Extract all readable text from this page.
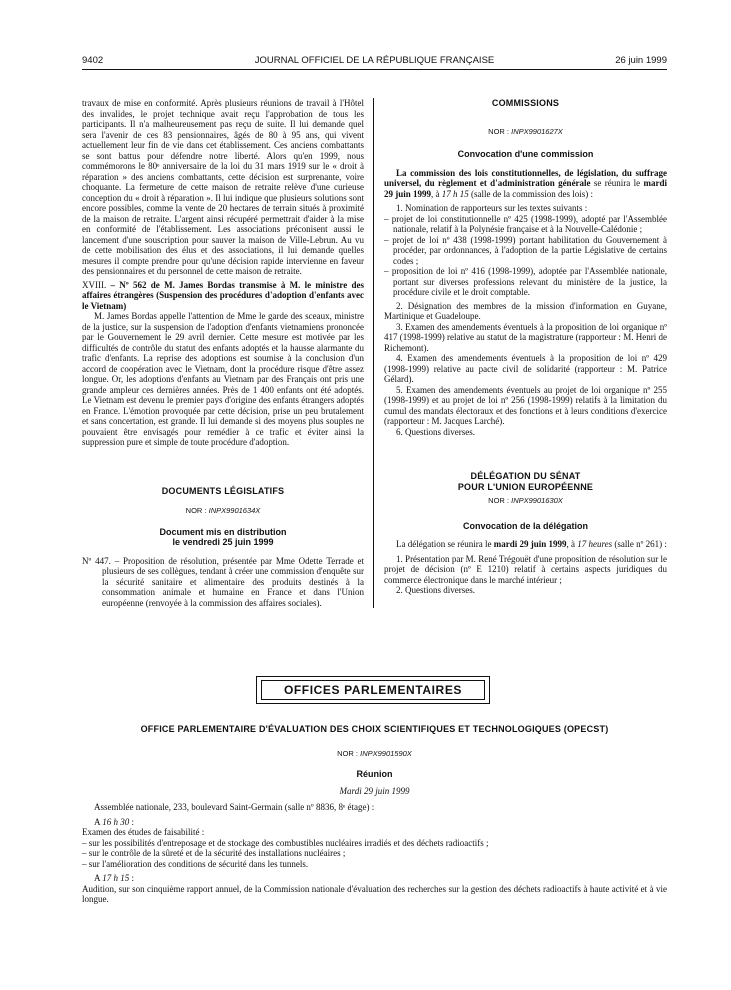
9402	JOURNAL OFFICIEL DE LA RÉPUBLIQUE FRANÇAISE	26 juin 1999

travaux de mise en conformité. Après plusieurs réunions de travail à l'Hôtel des invalides, le projet technique avait reçu l'approbation de tous les participants. Il n'a malheureusement pas reçu de suite. Il lui demande quel sera l'avenir de ces 83 pensionnaires, âgés de 80 à 95 ans, qui vivent actuellement leur fin de vie dans cet établissement. Ces anciens combattants se sont battus pour défendre notre liberté. Alors qu'en 1999, nous commémorons le 80ᵉ anniversaire de la loi du 31 mars 1919 sur le « droit à réparation » des anciens combattants, cette décision est surprenante, voire choquante. La fermeture de cette maison de retraite relève d'une curieuse conception du « droit à réparation ». Il lui indique que plusieurs solutions sont encore possibles, comme la vente de 20 hectares de terrain situés à proximité de la maison de retraite. L'argent ainsi récupéré permettrait d'aider à la mise en conformité de l'établissement. Les associations préconisent aussi le lancement d'une souscription pour sauver la maison de Ville-Lebrun. Au vu de cette mobilisation des élus et des associations, il lui demande quelles mesures il compte prendre pour qu'une décision rapide intervienne en faveur des pensionnaires et du personnel de cette maison de retraite.

XVIII. – Nº 562 de M. James Bordas transmise à M. le ministre des affaires étrangères (Suspension des procédures d'adoption d'enfants avec le Vietnam)

M. James Bordas appelle l'attention de Mme le garde des sceaux, ministre de la justice, sur la suspension de l'adoption d'enfants vietnamiens prononcée par le Gouvernement le 29 avril dernier. Cette mesure est motivée par les difficultés de contrôle du statut des enfants adoptés et la hausse alarmante du trafic d'enfants. La reprise des adoptions est soumise à la conclusion d'un accord de coopération avec le Vietnam, dont la procédure risque d'être assez longue. Or, les adoptions d'enfants au Vietnam par des Français ont pris une grande ampleur ces dernières années. Près de 1 400 enfants ont été adoptés. Le Vietnam est devenu le premier pays d'origine des enfants étrangers adoptés en France. L'émotion provoquée par cette décision, prise un peu brutalement et sans concertation, est grande. Il lui demande si des moyens plus souples ne pouvaient être envisagés pour remédier à ce trafic et éviter ainsi la suppression pure et simple de toute procédure d'adoption.

DOCUMENTS LÉGISLATIFS

NOR : INPX9901634X

Document mis en distribution

le vendredi 25 juin 1999

Nº 447. – Proposition de résolution, présentée par Mme Odette Terrade et plusieurs de ses collègues, tendant à créer une commission d'enquête sur la sécurité sanitaire et alimentaire des produits destinés à la consommation animale et humaine en France et dans l'Union européenne (renvoyée à la commission des affaires sociales).

COMMISSIONS

NOR : INPX9901627X

Convocation d'une commission

La commission des lois constitutionnelles, de législation, du suffrage universel, du règlement et d'administration générale se réunira le mardi 29 juin 1999, à 17 h 15 (salle de la commission des lois) :

1. Nomination de rapporteurs sur les textes suivants :

– projet de loi constitutionnelle nº 425 (1998-1999), adopté par l'Assemblée nationale, relatif à la Polynésie française et à la Nouvelle-Calédonie ;

– projet de loi nº 438 (1998-1999) portant habilitation du Gouvernement à procéder, par ordonnances, à l'adoption de la partie Législative de certains codes ;

– proposition de loi nº 416 (1998-1999), adoptée par l'Assemblée nationale, portant sur diverses professions relevant du ministère de la justice, la procédure civile et le droit comptable.

2. Désignation des membres de la mission d'information en Guyane, Martinique et Guadeloupe.

3. Examen des amendements éventuels à la proposition de loi organique nº 417 (1998-1999) relative au statut de la magistrature (rapporteur : M. Henri de Richemont).

4. Examen des amendements éventuels à la proposition de loi nº 429 (1998-1999) relative au pacte civil de solidarité (rapporteur : M. Patrice Gélard).

5. Examen des amendements éventuels au projet de loi organique nº 255 (1998-1999) et au projet de loi nº 256 (1998-1999) relatifs à la limitation du cumul des mandats électoraux et des fonctions et à leurs conditions d'exercice (rapporteur : M. Jacques Larché).

6. Questions diverses.

DÉLÉGATION DU SÉNAT

POUR L'UNION EUROPÉENNE

NOR : INPX9901630X

Convocation de la délégation

La délégation se réunira le mardi 29 juin 1999, à 17 heures (salle nº 261) :

1. Présentation par M. René Trégouët d'une proposition de résolution sur le projet de décision (nº E 1210) relatif à certains aspects juridiques du commerce électronique dans le marché intérieur ;

2. Questions diverses.

OFFICES PARLEMENTAIRES

OFFICE PARLEMENTAIRE D'ÉVALUATION DES CHOIX SCIENTIFIQUES ET TECHNOLOGIQUES (OPECST)

NOR : INPX9901590X

Réunion

Mardi 29 juin 1999

Assemblée nationale, 233, boulevard Saint-Germain (salle nº 8836, 8ᵉ étage) :

A 16 h 30 :

Examen des études de faisabilité :

– sur les possibilités d'entreposage et de stockage des combustibles nucléaires irradiés et des déchets radioactifs ;

– sur le contrôle de la sûreté et de la sécurité des installations nucléaires ;

– sur l'amélioration des conditions de sécurité dans les tunnels.

A 17 h 15 :

Audition, sur son cinquième rapport annuel, de la Commission nationale d'évaluation des recherches sur la gestion des déchets radioactifs à haute activité et à vie longue.
